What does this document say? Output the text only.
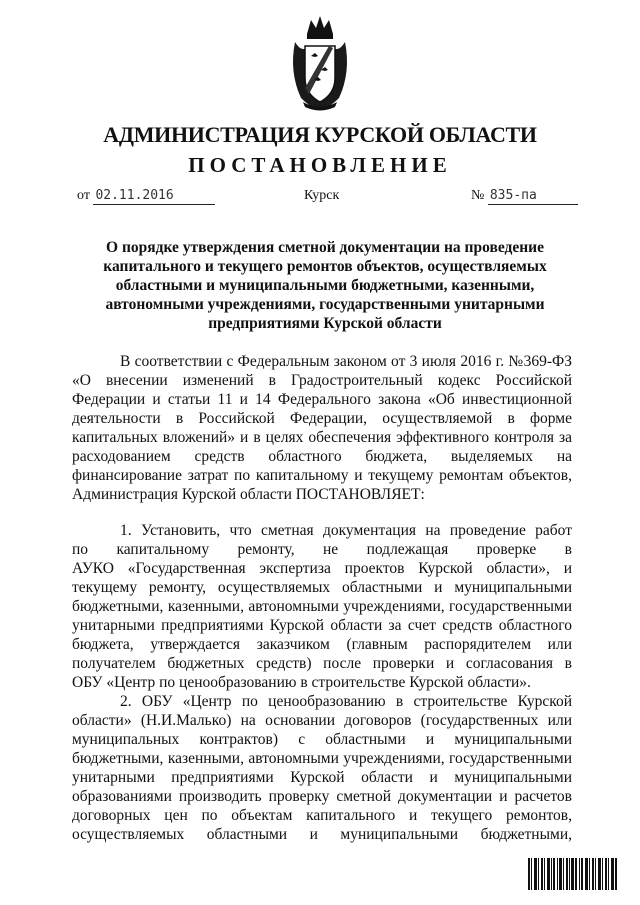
АДМИНИСТРАЦИЯ КУРСКОЙ ОБЛАСТИ
ПОСТАНОВЛЕНИЕ
от 02.11.2016	Курск	№ 835-па
О порядке утверждения сметной документации на проведение
капитального и текущего ремонтов объектов, осуществляемых
областными и муниципальными бюджетными, казенными,
автономными учреждениями, государственными унитарными
предприятиями Курской области
В соответствии с Федеральным законом от 3 июля 2016 г. №369-ФЗ
«О внесении изменений в Градостроительный кодекс Российской
Федерации и статьи 11 и 14 Федерального закона «Об инвестиционной
деятельности в Российской Федерации, осуществляемой в форме
капитальных вложений» и в целях обеспечения эффективного контроля за
расходованием средств областного бюджета, выделяемых на
финансирование затрат по капитальному и текущему ремонтам объектов,
Администрация Курской области ПОСТАНОВЛЯЕТ:
1. Установить, что сметная документация на проведение работ
по капитальному ремонту, не подлежащая проверке в
АУКО «Государственная экспертиза проектов Курской области», и
текущему ремонту, осуществляемых областными и муниципальными
бюджетными, казенными, автономными учреждениями, государственными
унитарными предприятиями Курской области за счет средств областного
бюджета, утверждается заказчиком (главным распорядителем или
получателем бюджетных средств) после проверки и согласования в
ОБУ «Центр по ценообразованию в строительстве Курской области».
2. ОБУ «Центр по ценообразованию в строительстве Курской
области» (Н.И.Малько) на основании договоров (государственных или
муниципальных контрактов) с областными и муниципальными
бюджетными, казенными, автономными учреждениями, государственными
унитарными предприятиями Курской области и муниципальными
образованиями производить проверку сметной документации и расчетов
договорных цен по объектам капитального и текущего ремонтов,
осуществляемых областными и муниципальными бюджетными,
